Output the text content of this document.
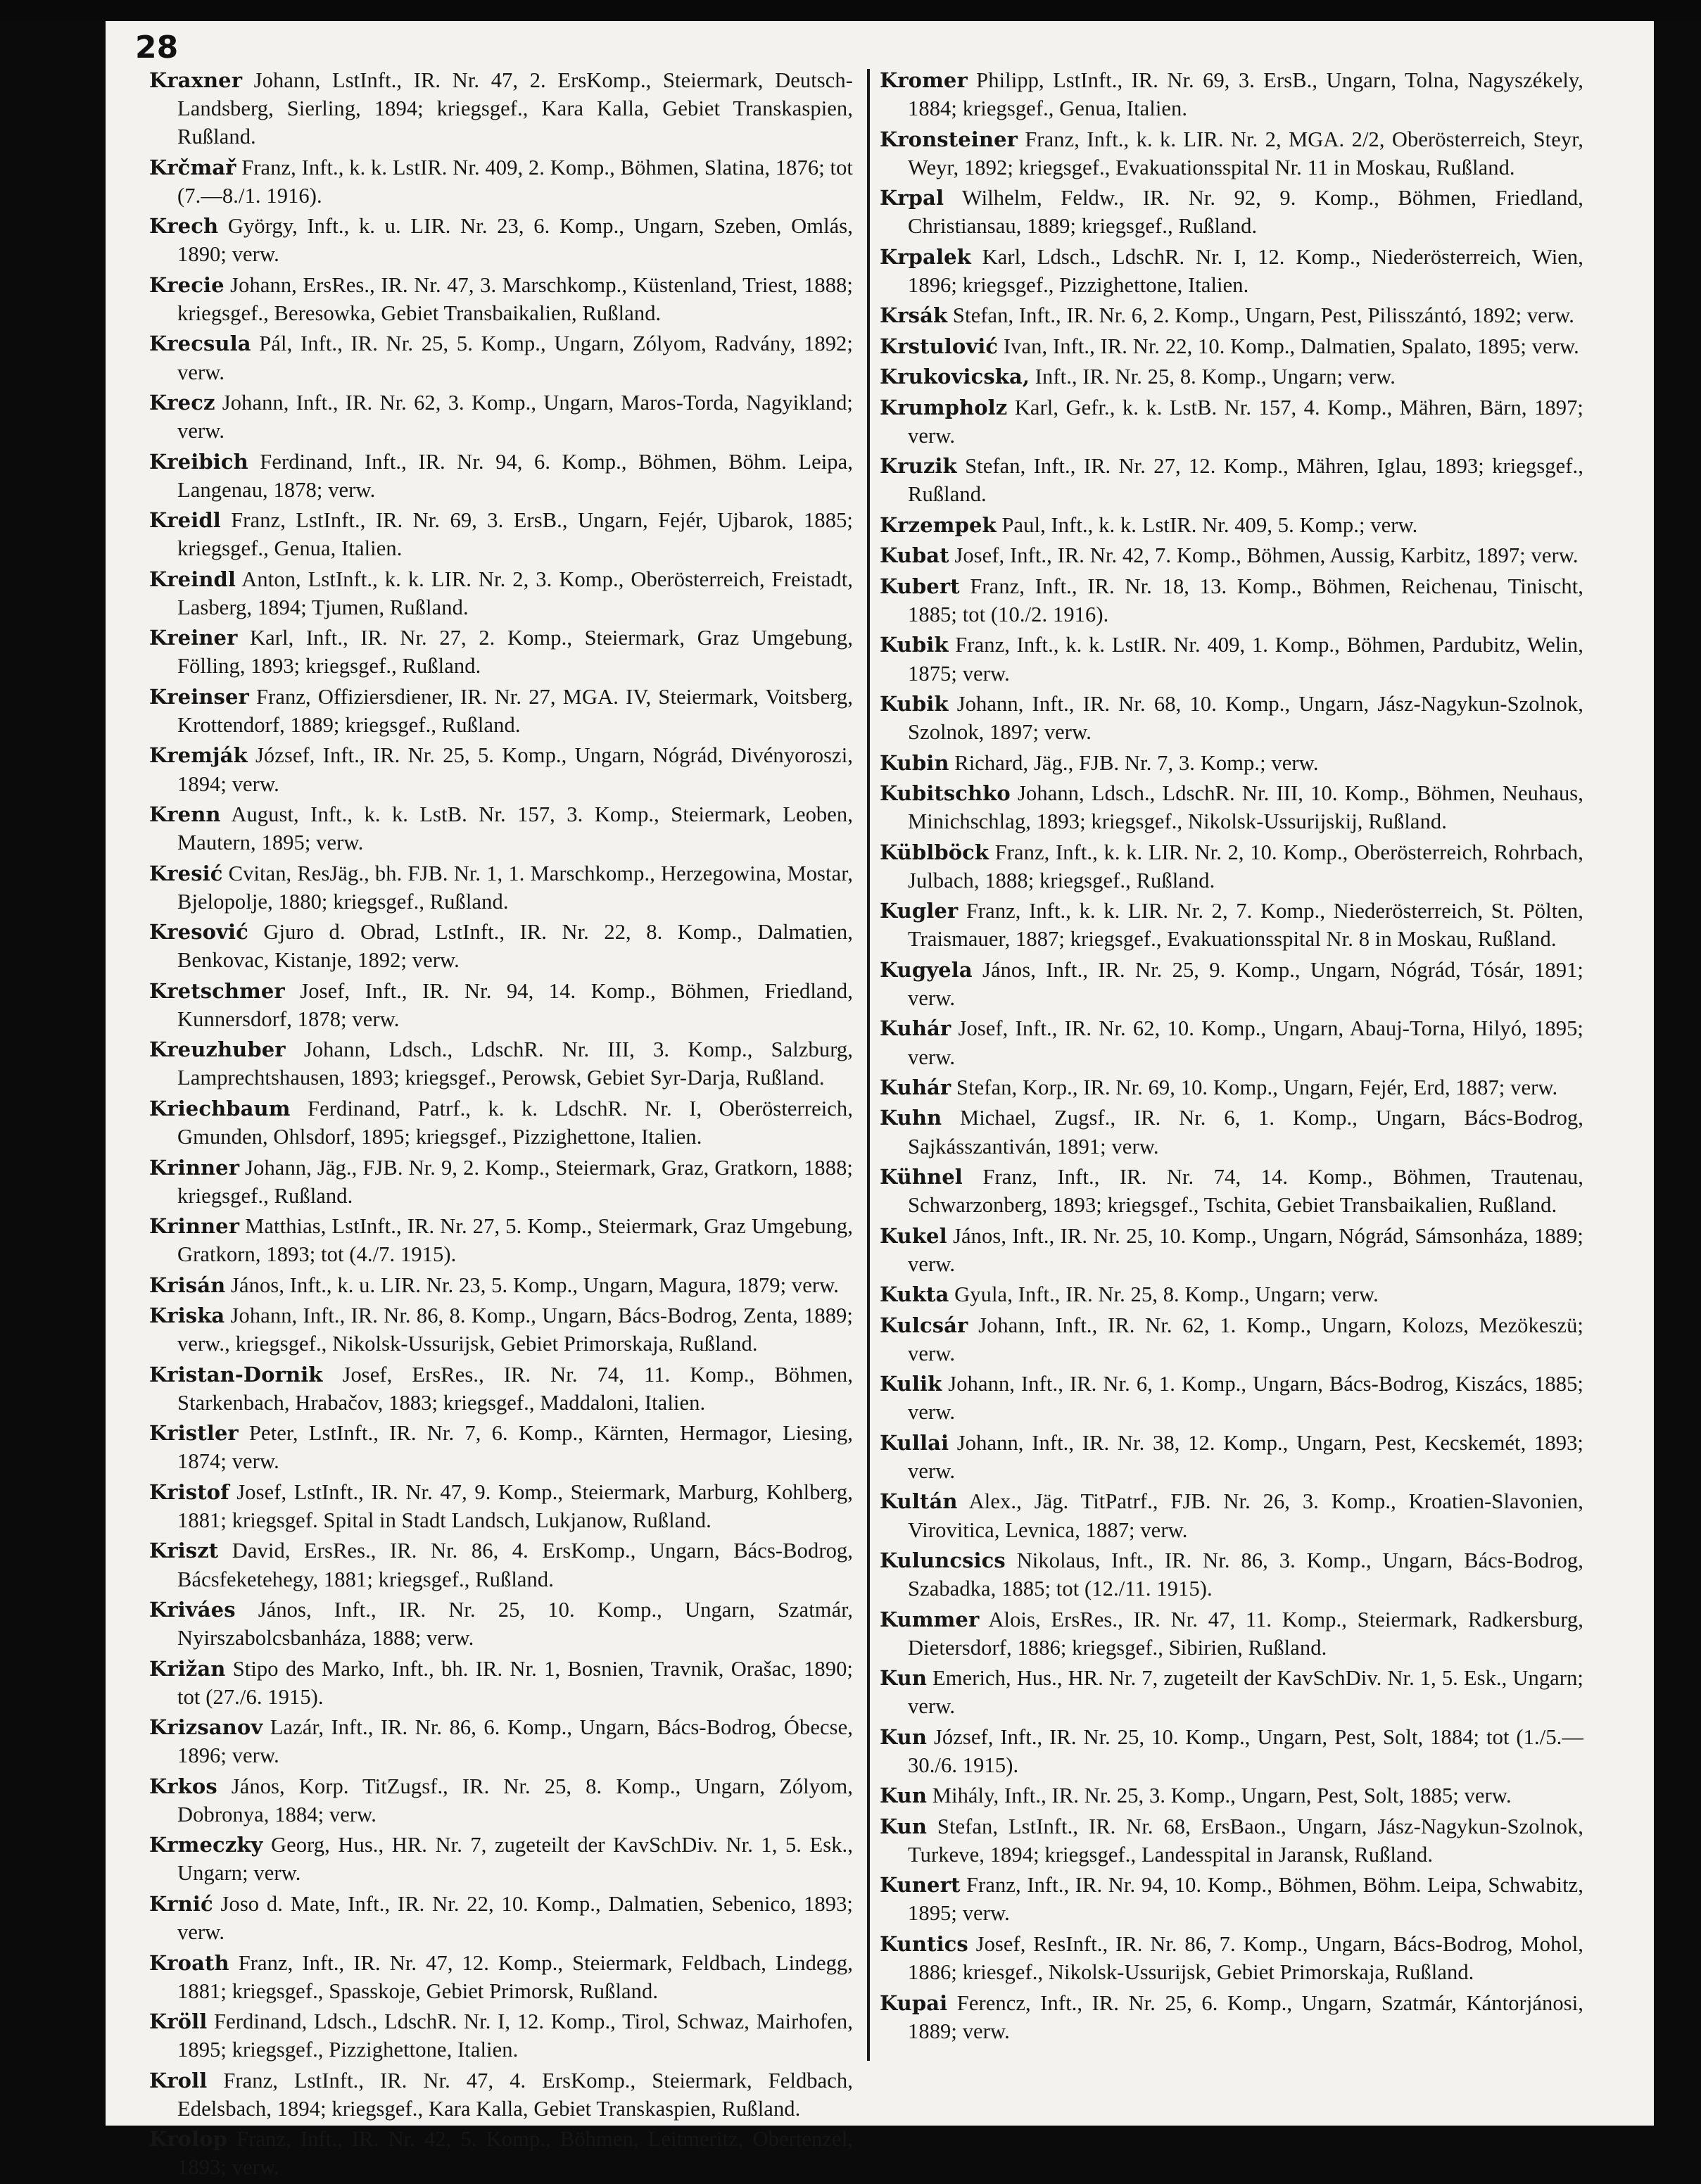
28

Kraxner Johann, LstInft., IR. Nr. 47, 2. ErsKomp., Steiermark, Deutsch-Landsberg, Sierling, 1894; kriegsgef., Kara Kalla, Gebiet Transkaspien, Rußland.

Krčmař Franz, Inft., k. k. LstIR. Nr. 409, 2. Komp., Böhmen, Slatina, 1876; tot (7.—8./1. 1916).

Krech György, Inft., k. u. LIR. Nr. 23, 6. Komp., Ungarn, Szeben, Omlás, 1890; verw.

Krecie Johann, ErsRes., IR. Nr. 47, 3. Marschkomp., Küstenland, Triest, 1888; kriegsgef., Beresowka, Gebiet Transbaikalien, Rußland.

Krecsula Pál, Inft., IR. Nr. 25, 5. Komp., Ungarn, Zólyom, Radvány, 1892; verw.

Krecz Johann, Inft., IR. Nr. 62, 3. Komp., Ungarn, Maros-Torda, Nagyikland; verw.

Kreibich Ferdinand, Inft., IR. Nr. 94, 6. Komp., Böhmen, Böhm. Leipa, Langenau, 1878; verw.

Kreidl Franz, LstInft., IR. Nr. 69, 3. ErsB., Ungarn, Fejér, Ujbarok, 1885; kriegsgef., Genua, Italien.

Kreindl Anton, LstInft., k. k. LIR. Nr. 2, 3. Komp., Oberösterreich, Freistadt, Lasberg, 1894; Tjumen, Rußland.

Kreiner Karl, Inft., IR. Nr. 27, 2. Komp., Steiermark, Graz Umgebung, Fölling, 1893; kriegsgef., Rußland.

Kreinser Franz, Offiziersdiener, IR. Nr. 27, MGA. IV, Steiermark, Voitsberg, Krottendorf, 1889; kriegsgef., Rußland.

Kremják József, Inft., IR. Nr. 25, 5. Komp., Ungarn, Nógrád, Divényoroszi, 1894; verw.

Krenn August, Inft., k. k. LstB. Nr. 157, 3. Komp., Steiermark, Leoben, Mautern, 1895; verw.

Kresić Cvitan, ResJäg., bh. FJB. Nr. 1, 1. Marschkomp., Herzegowina, Mostar, Bjelopolje, 1880; kriegsgef., Rußland.

Kresović Gjuro d. Obrad, LstInft., IR. Nr. 22, 8. Komp., Dalmatien, Benkovac, Kistanje, 1892; verw.

Kretschmer Josef, Inft., IR. Nr. 94, 14. Komp., Böhmen, Friedland, Kunnersdorf, 1878; verw.

Kreuzhuber Johann, Ldsch., LdschR. Nr. III, 3. Komp., Salzburg, Lamprechtshausen, 1893; kriegsgef., Perowsk, Gebiet Syr-Darja, Rußland.

Kriechbaum Ferdinand, Patrf., k. k. LdschR. Nr. I, Oberösterreich, Gmunden, Ohlsdorf, 1895; kriegsgef., Pizzighettone, Italien.

Krinner Johann, Jäg., FJB. Nr. 9, 2. Komp., Steiermark, Graz, Gratkorn, 1888; kriegsgef., Rußland.

Krinner Matthias, LstInft., IR. Nr. 27, 5. Komp., Steiermark, Graz Umgebung, Gratkorn, 1893; tot (4./7. 1915).

Krisán János, Inft., k. u. LIR. Nr. 23, 5. Komp., Ungarn, Magura, 1879; verw.

Kriska Johann, Inft., IR. Nr. 86, 8. Komp., Ungarn, Bács-Bodrog, Zenta, 1889; verw., kriegsgef., Nikolsk-Ussurijsk, Gebiet Primorskaja, Rußland.

Kristan-Dornik Josef, ErsRes., IR. Nr. 74, 11. Komp., Böhmen, Starkenbach, Hrabačov, 1883; kriegsgef., Maddaloni, Italien.

Kristler Peter, LstInft., IR. Nr. 7, 6. Komp., Kärnten, Hermagor, Liesing, 1874; verw.

Kristof Josef, LstInft., IR. Nr. 47, 9. Komp., Steiermark, Marburg, Kohlberg, 1881; kriegsgef. Spital in Stadt Landsch, Lukjanow, Rußland.

Kriszt David, ErsRes., IR. Nr. 86, 4. ErsKomp., Ungarn, Bács-Bodrog, Bácsfeketehegy, 1881; kriegsgef., Rußland.

Kriváes János, Inft., IR. Nr. 25, 10. Komp., Ungarn, Szatmár, Nyirszabolcsbanháza, 1888; verw.

Križan Stipo des Marko, Inft., bh. IR. Nr. 1, Bosnien, Travnik, Orašac, 1890; tot (27./6. 1915).

Krizsanov Lazár, Inft., IR. Nr. 86, 6. Komp., Ungarn, Bács-Bodrog, Óbecse, 1896; verw.

Krkos János, Korp. TitZugsf., IR. Nr. 25, 8. Komp., Ungarn, Zólyom, Dobronya, 1884; verw.

Krmeczky Georg, Hus., HR. Nr. 7, zugeteilt der KavSchDiv. Nr. 1, 5. Esk., Ungarn; verw.

Krnić Joso d. Mate, Inft., IR. Nr. 22, 10. Komp., Dalmatien, Sebenico, 1893; verw.

Kroath Franz, Inft., IR. Nr. 47, 12. Komp., Steiermark, Feldbach, Lindegg, 1881; kriegsgef., Spasskoje, Gebiet Primorsk, Rußland.

Kröll Ferdinand, Ldsch., LdschR. Nr. I, 12. Komp., Tirol, Schwaz, Mairhofen, 1895; kriegsgef., Pizzighettone, Italien.

Kroll Franz, LstInft., IR. Nr. 47, 4. ErsKomp., Steiermark, Feldbach, Edelsbach, 1894; kriegsgef., Kara Kalla, Gebiet Transkaspien, Rußland.

Krolop Franz, Inft., IR. Nr. 42, 5. Komp., Böhmen, Leitmeritz, Obertenzel, 1893; verw.

Kromer Philipp, LstInft., IR. Nr. 69, 3. ErsB., Ungarn, Tolna, Nagyszékely, 1884; kriegsgef., Genua, Italien.

Kronsteiner Franz, Inft., k. k. LIR. Nr. 2, MGA. 2/2, Oberösterreich, Steyr, Weyr, 1892; kriegsgef., Evakuationsspital Nr. 11 in Moskau, Rußland.

Krpal Wilhelm, Feldw., IR. Nr. 92, 9. Komp., Böhmen, Friedland, Christiansau, 1889; kriegsgef., Rußland.

Krpalek Karl, Ldsch., LdschR. Nr. I, 12. Komp., Niederösterreich, Wien, 1896; kriegsgef., Pizzighettone, Italien.

Krsák Stefan, Inft., IR. Nr. 6, 2. Komp., Ungarn, Pest, Pilisszántó, 1892; verw.

Krstulović Ivan, Inft., IR. Nr. 22, 10. Komp., Dalmatien, Spalato, 1895; verw.

Krukovicska, Inft., IR. Nr. 25, 8. Komp., Ungarn; verw.

Krumpholz Karl, Gefr., k. k. LstB. Nr. 157, 4. Komp., Mähren, Bärn, 1897; verw.

Kruzik Stefan, Inft., IR. Nr. 27, 12. Komp., Mähren, Iglau, 1893; kriegsgef., Rußland.

Krzempek Paul, Inft., k. k. LstIR. Nr. 409, 5. Komp.; verw.

Kubat Josef, Inft., IR. Nr. 42, 7. Komp., Böhmen, Aussig, Karbitz, 1897; verw.

Kubert Franz, Inft., IR. Nr. 18, 13. Komp., Böhmen, Reichenau, Tinischt, 1885; tot (10./2. 1916).

Kubik Franz, Inft., k. k. LstIR. Nr. 409, 1. Komp., Böhmen, Pardubitz, Welin, 1875; verw.

Kubik Johann, Inft., IR. Nr. 68, 10. Komp., Ungarn, Jász-Nagykun-Szolnok, Szolnok, 1897; verw.

Kubin Richard, Jäg., FJB. Nr. 7, 3. Komp.; verw.

Kubitschko Johann, Ldsch., LdschR. Nr. III, 10. Komp., Böhmen, Neuhaus, Minichschlag, 1893; kriegsgef., Nikolsk-Ussurijskij, Rußland.

Küblböck Franz, Inft., k. k. LIR. Nr. 2, 10. Komp., Oberösterreich, Rohrbach, Julbach, 1888; kriegsgef., Rußland.

Kugler Franz, Inft., k. k. LIR. Nr. 2, 7. Komp., Niederösterreich, St. Pölten, Traismauer, 1887; kriegsgef., Evakuationsspital Nr. 8 in Moskau, Rußland.

Kugyela János, Inft., IR. Nr. 25, 9. Komp., Ungarn, Nógrád, Tósár, 1891; verw.

Kuhár Josef, Inft., IR. Nr. 62, 10. Komp., Ungarn, Abauj-Torna, Hilyó, 1895; verw.

Kuhár Stefan, Korp., IR. Nr. 69, 10. Komp., Ungarn, Fejér, Erd, 1887; verw.

Kuhn Michael, Zugsf., IR. Nr. 6, 1. Komp., Ungarn, Bács-Bodrog, Sajkásszantiván, 1891; verw.

Kühnel Franz, Inft., IR. Nr. 74, 14. Komp., Böhmen, Trautenau, Schwarzonberg, 1893; kriegsgef., Tschita, Gebiet Transbaikalien, Rußland.

Kukel János, Inft., IR. Nr. 25, 10. Komp., Ungarn, Nógrád, Sámsonháza, 1889; verw.

Kukta Gyula, Inft., IR. Nr. 25, 8. Komp., Ungarn; verw.

Kulcsár Johann, Inft., IR. Nr. 62, 1. Komp., Ungarn, Kolozs, Mezökeszü; verw.

Kulik Johann, Inft., IR. Nr. 6, 1. Komp., Ungarn, Bács-Bodrog, Kiszács, 1885; verw.

Kullai Johann, Inft., IR. Nr. 38, 12. Komp., Ungarn, Pest, Kecskemét, 1893; verw.

Kultán Alex., Jäg. TitPatrf., FJB. Nr. 26, 3. Komp., Kroatien-Slavonien, Virovitica, Levnica, 1887; verw.

Kuluncsics Nikolaus, Inft., IR. Nr. 86, 3. Komp., Ungarn, Bács-Bodrog, Szabadka, 1885; tot (12./11. 1915).

Kummer Alois, ErsRes., IR. Nr. 47, 11. Komp., Steiermark, Radkersburg, Dietersdorf, 1886; kriegsgef., Sibirien, Rußland.

Kun Emerich, Hus., HR. Nr. 7, zugeteilt der KavSchDiv. Nr. 1, 5. Esk., Ungarn; verw.

Kun József, Inft., IR. Nr. 25, 10. Komp., Ungarn, Pest, Solt, 1884; tot (1./5.—30./6. 1915).

Kun Mihály, Inft., IR. Nr. 25, 3. Komp., Ungarn, Pest, Solt, 1885; verw.

Kun Stefan, LstInft., IR. Nr. 68, ErsBaon., Ungarn, Jász-Nagykun-Szolnok, Turkeve, 1894; kriegsgef., Landesspital in Jaransk, Rußland.

Kunert Franz, Inft., IR. Nr. 94, 10. Komp., Böhmen, Böhm. Leipa, Schwabitz, 1895; verw.

Kuntics Josef, ResInft., IR. Nr. 86, 7. Komp., Ungarn, Bács-Bodrog, Mohol, 1886; kriesgef., Nikolsk-Ussurijsk, Gebiet Primorskaja, Rußland.

Kupai Ferencz, Inft., IR. Nr. 25, 6. Komp., Ungarn, Szatmár, Kántorjánosi, 1889; verw.
